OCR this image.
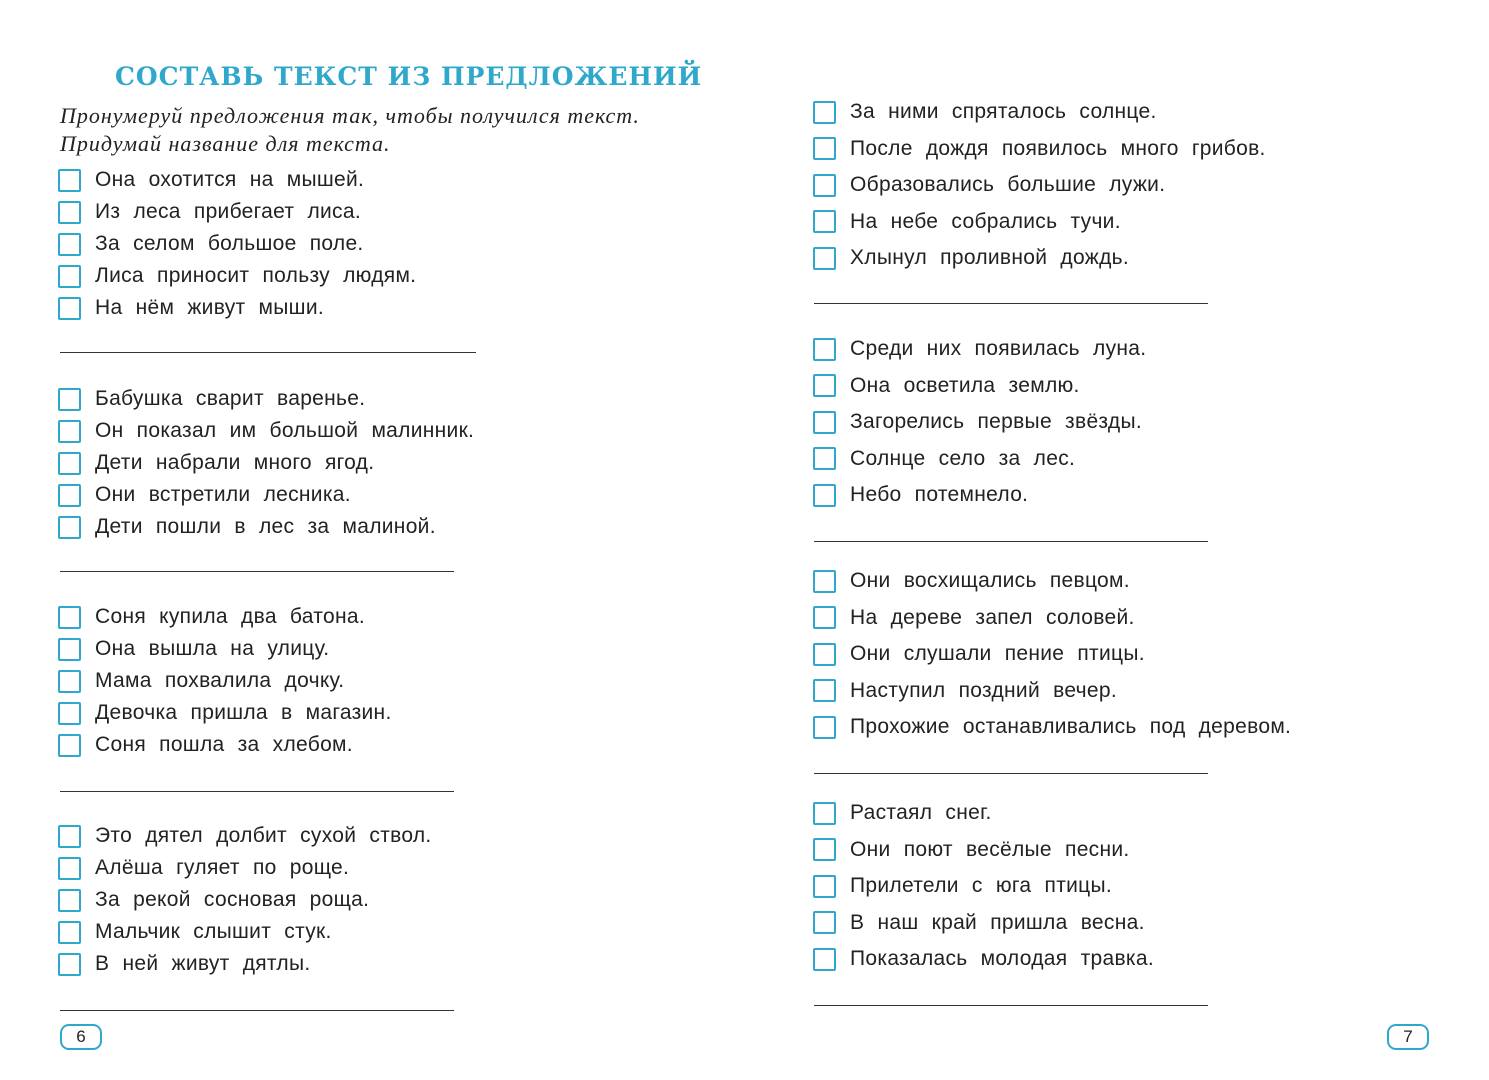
СОСТАВЬ ТЕКСТ ИЗ ПРЕДЛОЖЕНИЙ

Пронумеруй предложения так, чтобы получился текст. Придумай название для текста.

Она охотится на мышей.
Из леса прибегает лиса.
За селом большое поле.
Лиса приносит пользу людям.
На нём живут мыши.
Бабушка сварит варенье.
Он показал им большой малинник.
Дети набрали много ягод.
Они встретили лесника.
Дети пошли в лес за малиной.
Соня купила два батона.
Она вышла на улицу.
Мама похвалила дочку.
Девочка пришла в магазин.
Соня пошла за хлебом.
Это дятел долбит сухой ствол.
Алёша гуляет по роще.
За рекой сосновая роща.
Мальчик слышит стук.
В ней живут дятлы.
6
За ними спряталось солнце.
После дождя появилось много грибов.
Образовались большие лужи.
На небе собрались тучи.
Хлынул проливной дождь.
Среди них появилась луна.
Она осветила землю.
Загорелись первые звёзды.
Солнце село за лес.
Небо потемнело.
Они восхищались певцом.
На дереве запел соловей.
Они слушали пение птицы.
Наступил поздний вечер.
Прохожие останавливались под деревом.
Растаял снег.
Они поют весёлые песни.
Прилетели с юга птицы.
В наш край пришла весна.
Показалась молодая травка.
7
